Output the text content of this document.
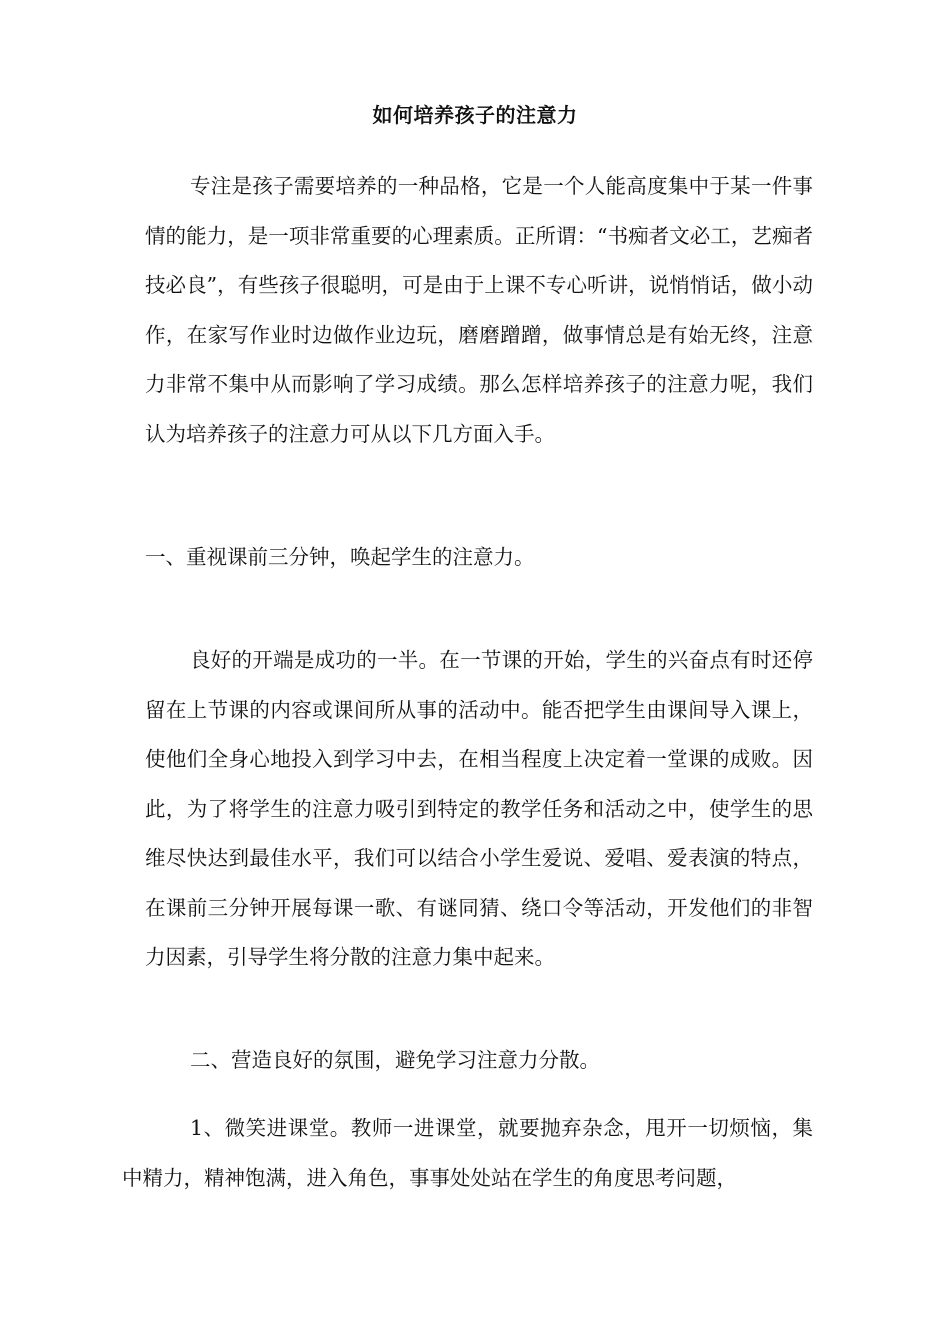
如何培养孩子的注意力

专注是孩子需要培养的一种品格，它是一个人能高度集中于某一件事情的能力，是一项非常重要的心理素质。正所谓：“书痴者文必工，艺痴者技必良”，有些孩子很聪明，可是由于上课不专心听讲，说悄悄话，做小动作，在家写作业时边做作业边玩，磨磨蹭蹭，做事情总是有始无终，注意力非常不集中从而影响了学习成绩。那么怎样培养孩子的注意力呢，我们认为培养孩子的注意力可从以下几方面入手。

一、重视课前三分钟，唤起学生的注意力。

良好的开端是成功的一半。在一节课的开始，学生的兴奋点有时还停留在上节课的内容或课间所从事的活动中。能否把学生由课间导入课上，使他们全身心地投入到学习中去，在相当程度上决定着一堂课的成败。因此，为了将学生的注意力吸引到特定的教学任务和活动之中，使学生的思维尽快达到最佳水平，我们可以结合小学生爱说、爱唱、爱表演的特点，在课前三分钟开展每课一歌、有谜同猜、绕口令等活动，开发他们的非智力因素，引导学生将分散的注意力集中起来。

二、营造良好的氛围，避免学习注意力分散。

1、微笑进课堂。教师一进课堂，就要抛弃杂念，甩开一切烦恼，集中精力，精神饱满，进入角色，事事处处站在学生的角度思考问题，
